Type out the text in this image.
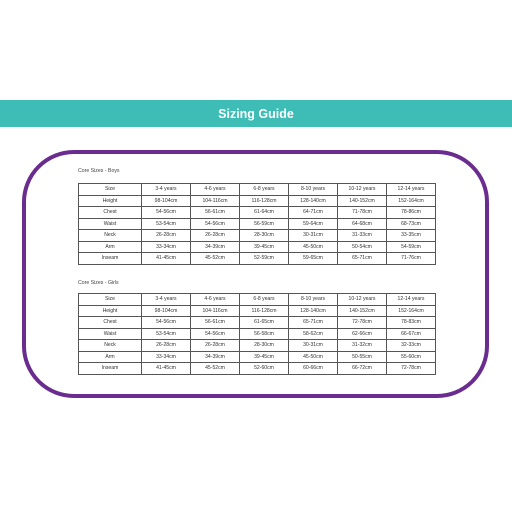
Sizing Guide
Core Sizes - Boys
Size	3-4 years	4-6 years	6-8 years	8-10 years	10-12 years	12-14 years
Height	98-104cm	104-116cm	116-128cm	128-140cm	140-152cm	152-164cm
Chest	54-56cm	56-61cm	61-64cm	64-71cm	71-78cm	78-86cm
Waist	53-54cm	54-56cm	56-59cm	59-64cm	64-68cm	68-73cm
Neck	26-28cm	26-28cm	28-30cm	30-31cm	31-33cm	33-35cm
Arm	33-34cm	34-39cm	39-45cm	45-50cm	50-54cm	54-59cm
Inseam	41-45cm	45-52cm	52-59cm	59-65cm	65-71cm	71-76cm
Core Sizes - Girls
Size	3-4 years	4-6 years	6-8 years	8-10 years	10-12 years	12-14 years
Height	98-104cm	104-116cm	116-128cm	128-140cm	140-152cm	152-164cm
Chest	54-56cm	56-61cm	61-65cm	65-71cm	72-78cm	78-83cm
Waist	53-54cm	54-56cm	56-58cm	58-62cm	62-66cm	66-67cm
Neck	26-28cm	26-28cm	28-30cm	30-31cm	31-32cm	32-33cm
Arm	33-34cm	34-39cm	39-45cm	45-50cm	50-55cm	55-60cm
Inseam	41-45cm	45-52cm	52-60cm	60-66cm	66-72cm	72-78cm
